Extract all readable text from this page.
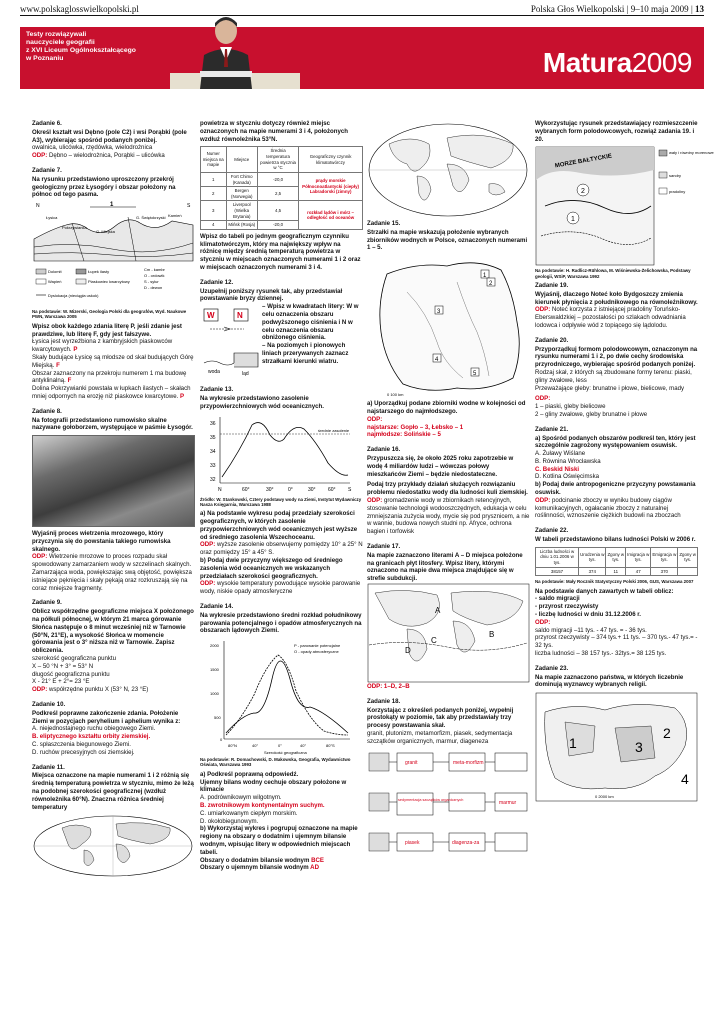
www.polskaglosswielkopolski.pl	Polska Głos Wielkopolski | 9–10 maja 2009 | 13
Testy rozwiązywali
nauczyciele geografii
z XVI Liceum Ogólnokształcącego
w Poznaniu	Matura2009
Zadanie 6.

Określ kształt wsi Dębno (pole C2) i wsi Porąbki (pole A3), wybierając spośród podanych poniżej.

owalnica, ulicówka, rzędówka, wielodrożnica

ODP: Dębno – wielodrożnica, Porąbki – ulicówka

Zadanie 7.

Na rysunku przedstawiono uproszczony przekrój geologiczny przez Łysogóry i obszar położony na północ od tego pasma.

N	S
1
Łysica
Pokrzywianka
G. Miejska
G. Świętokrzyski Kamień
Dolomit
Wapień
Łupek ilasty
Piaskowiec kwarcytowy
Cm - kambr
O - ordowik
S - sylur
D - dewon
Dyslokacja (nieciągła uskok)

Na podstawie: W. Mizerski, Geologia Polski dla geografów, Wyd. Naukowe PWN, Warszawa 2005

Wpisz obok każdego zdania literę P, jeśli zdanie jest prawdziwe, lub literę F, gdy jest fałszywe.

Łysica jest wyrzeźbiona z kambryjskich piaskowców kwarcytowych. P

Skały budujące Łysicę są młodsze od skał budujących Górę Miejską. F

Obszar zaznaczony na przekroju numerem 1 ma budowę antyklinalną. F

Dolina Pokrzywianki powstała w łupkach ilastych – skałach mniej odpornych na erozję niż piaskowce kwarcytowe. P

Zadanie 8.

Na fotografii przedstawiono rumowisko skalne nazywane gołoborzem, występujące w paśmie Łysogór.

Wyjaśnij proces wietrzenia mrozowego, który przyczynia się do powstania takiego rumowiska skalnego.

ODP: Wietrzenie mrozowe to proces rozpadu skał spowodowany zamarzaniem wody w szczelinach skalnych. Zamarzająca woda, powiększając swą objętość, powiększa istniejące pęknięcia i skały pękają oraz rozkruszają się na coraz mniejsze fragmenty.

Zadanie 9.

Oblicz współrzędne geograficzne miejsca X położonego na półkuli północnej, w którym 21 marca górowanie Słońca następuje o 8 minut wcześniej niż w Tarnowie (50°N, 21°E), a wysokość Słońca w momencie górowania jest o 3° niższa niż w Tarnowie. Zapisz obliczenia.

szerokość geograficzna punktu

X – 50 °N + 3° = 53° N

długość geograficzna punktu

X - 21° E + 2°= 23 °E

ODP: współrzędne punktu X (53° N, 23 °E)

Zadanie 10.

Podkreśl poprawne zakończenie zdania. Położenie Ziemi w pozycjach peryhelium i aphelium wynika z:

A. niejednostajnego ruchu obiegowego Ziemi.

B. eliptycznego kształtu orbity ziemskiej.

C. spłaszczenia biegunowego Ziemi.

D. ruchów precesyjnych osi ziemskiej.

Zadanie 11.

Miejsca oznaczone na mapie numerami 1 i 2 różnią się średnią temperaturą powietrza w styczniu, mimo że leżą na podobnej szerokości geograficznej (wzdłuż równoleżnika 60°N). Znaczna różnica średniej temperatury

powietrza w styczniu dotyczy również miejsc oznaczonych na mapie numerami 3 i 4, położonych wzdłuż równoleżnika 53°N.

Numer miejsca na mapie	Miejsce	Średnia temperatura powietrza stycznia w °C	Geograficzny czynnik klimatotwórczy
1	Fort Chimo (Kanada)	-20,0	prądy morskie Północnoatlantycki (ciepły) Labradorski (zimny)
2	Bergen (Norwegia)	2,5	
3	Liverpool (Wielka Brytania)	4,5	rozkład lądów i mórz – odległość od oceanów
4	Mińsk (Rosja)	-20,0	

Wpisz do tabeli po jednym geograficznym czynniku klimatotwórczym, który ma największy wpływ na różnicę między średnią temperaturą powietrza w styczniu w miejscach oznaczonych numerami 1 i 2 oraz w miejscach oznaczonych numerami 3 i 4.

Zadanie 12.

Uzupełnij poniższy rysunek tak, aby przedstawiał powstawanie bryzy dziennej.

W	N
woda	ląd

– Wpisz w kwadratach litery: W w celu oznaczenia obszaru podwyższonego ciśnienia i N w celu oznaczenia obszaru obniżonego ciśnienia.

– Na poziomych i pionowych liniach przerywanych zaznacz strzałkami kierunki wiatru.

Zadanie 13.

Na wykresie przedstawiono zasolenie przypowierzchniowych wód oceanicznych.

36
35
34
33
32
średnie zasolenie
N	60°	30°	0°	30° 60° S

Źródło: W. Stankowski, Cztery podstawy wody na Ziemi, Instytut Wydawniczy Nasza Księgarnia, Warszawa 1988

a) Na podstawie wykresu podaj przedziały szerokości geograficznych, w których zasolenie przypowierzchniowych wód oceanicznych jest wyższe od średniego zasolenia Wszechoceanu.

ODP: wyższe zasolenie obserwujemy pomiędzy 10° a 25° N oraz pomiędzy 15° a 45° S.

b) Podaj dwie przyczyny większego od średniego zasolenia wód oceanicznych we wskazanych przedziałach szerokości geograficznych.

ODP: wysokie temperatury powodujące wysokie parowanie wody, niskie opady atmosferyczne

Zadanie 14.

Na wykresie przedstawiono średni rozkład południkowy parowania potencjalnego i opadów atmosferycznych na obszarach lądowych Ziemi.

2000
1500
1000
500
0
P - parowanie potencjalne
O - opady atmosferyczne
80°N	40°	0°	40°	80°S
Szerokość geograficzna

Na podstawie: R. Domachowski, D. Makowska, Geografia, Wydawnictwo Oświata, Warszawa 1993

a) Podkreśl poprawną odpowiedź.

Ujemny bilans wodny cechuje obszary położone w klimacie

A. podrównikowym wilgotnym.

B. zwrotnikowym kontynentalnym suchym.

C. umiarkowanym ciepłym morskim.

D. okołobiegunowym.

b) Wykorzystaj wykres i pogrupuj oznaczone na mapie regiony na obszary o dodatnim i ujemnym bilansie wodnym, wpisując litery w odpowiednich miejscach tabeli.

Obszary o dodatnim bilansie wodnym BCE

Obszary o ujemnym bilansie wodnym AD

Zadanie 15.

Strzałki na mapie wskazują położenie wybranych zbiorników wodnych w Polsce, oznaczonych numerami 1 – 5.

1
2
3
4
5
0 100 km

a) Uporządkuj podane zbiorniki wodne w kolejności od najstarszego do najmłodszego.

ODP:

najstarsze: Gopło – 3, Łebsko – 1

najmłodsze: Solińskie – 5

Zadanie 16.

Przypuszcza się, że około 2025 roku zapotrzebie w wodę 4 miliardów ludzi – wówczas połowy mieszkańców Ziemi – będzie niedostateczne.

Podaj trzy przykłady działań służących rozwiązaniu problemu niedostatku wody dla ludności kuli ziemskiej.

ODP: gromadzenie wody w zbiornikach retencyjnych, stosowanie technologii wodooszczędnych, edukacja w celu zmniejszania zużycia wody, mycie się pod prysznicem, a nie w wannie, budowa nowych studni np. Afryce, ochrona bagien i torfowisk

Zadanie 17.

Na mapie zaznaczono literami A – D miejsca położone na granicach płyt litosfery. Wpisz litery, którymi oznaczono na mapie dwa miejsca znajdujące się w strefie subdukcji.

A
B
C
D

ODP: 1–D, 2–B

Zadanie 18.

Korzystając z określeń podanych poniżej, wypełnij prostokąty w poziomie, tak aby przedstawiały trzy procesy powstawania skał.

granit, plutonizm, metamorfizm, piasek, sedymentacja szczątków organicznych, marmur, diageneza

granit	meta-morfizm
sedymentacja szczątków organicznych	marmur
piasek	diagenza-za

Wykorzystując rysunek przedstawiający rozmieszczenie wybranych form polodowcowych, rozwiąż zadania 19. i 20.

MORZE BAŁTYCKIE
1
2
wały i równiny morenowe
sandry
pradoliny

Na podstawie: H. Radlicz-Rühlowa, M. Wiśniewska-Żelichowska, Podstawy geologii, WSiP, Warszawa 1992

Zadanie 19.

Wyjaśnij, dlaczego Noteć koło Bydgoszczy zmienia kierunek płynięcia z południkowego na równoleżnikowy.

ODP: Noteć korzysta z istniejącej pradoliny Toruńsko-Eberswaldzkiej – pozostałości po szlakach odwadniania lodowca i odpływie wód z topiącego się lądolodu.

Zadanie 20.

Przyporządkuj formom polodowcowym, oznaczonym na rysunku numerami 1 i 2, po dwie cechy środowiska przyrodniczego, wybierając spośród podanych poniżej.

Rodzaj skał, z których są zbudowane formy terenu: piaski, gliny zwałowe, less

Przeważające gleby: brunatne i płowe, bielicowe, mady

ODP:

1 – piaski, gleby bielicowe

2 – gliny zwałowe, gleby brunatne i płowe

Zadanie 21.

a) Spośród podanych obszarów podkreśl ten, który jest szczególnie zagrożony występowaniem osuwisk.

A. Żuławy Wiślane

B. Równina Wrocławska

C. Beskid Niski

D. Kotlina Oświęcimska

b) Podaj dwie antropogeniczne przyczyny powstawania osuwisk.

ODP: podcinanie zboczy w wyniku budowy ciągów komunikacyjnych, ogałacanie zboczy z naturalnej roślinności, wznoszenie ciężkich budowli na zboczach

Zadanie 22.

W tabeli przedstawiono bilans ludności Polski w 2006 r.

Liczba ludności w dniu 1.01.2006 w tys.	Urodzenia w tys.	Zgony w tys.	Imigracja w tys.	Emigracja w tys.	Zgony w tys.
38157	374	11	47	370	

Na podstawie: Mały Rocznik Statystyczny Polski 2006, GUS, Warszawa 2007

Na podstawie danych zawartych w tabeli oblicz:

- saldo migracji

- przyrost rzeczywisty

- liczbę ludności w dniu 31.12.2006 r.

ODP:

saldo migracji –11 tys. - 47 tys. = - 36 tys.

przyrost rzeczywisty – 374 tys.+ 11 tys. – 370 tys.- 47 tys.= - 32 tys.

liczba ludności – 38 157 tys.- 32tys.= 38 125 tys.

Zadanie 23.

Na mapie zaznaczono państwa, w których liczebnie dominują wyznawcy wybranych religii.

1
2
3
4
0 2000 km
